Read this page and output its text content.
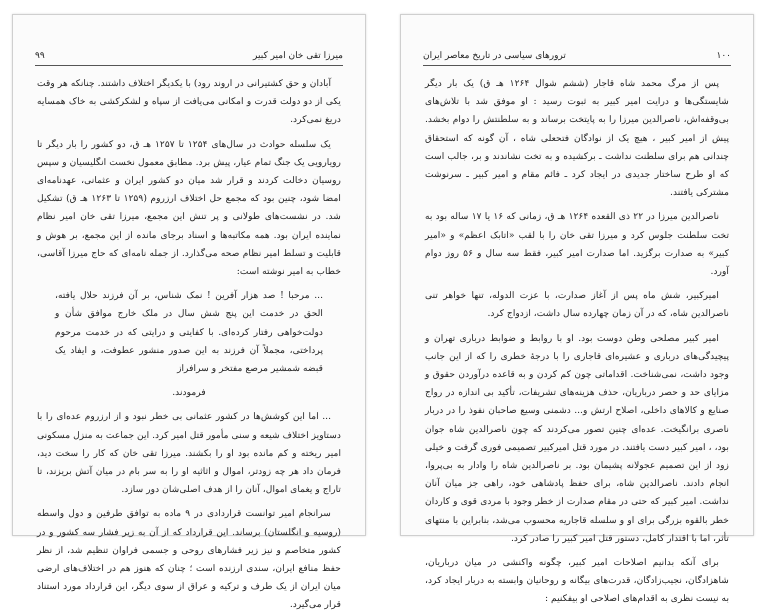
۹۹	میرزا تقی خان امیر کبیر

آبادان و حق کشتیرانی در اروند رود) با یکدیگر اختلاف داشتند. چنانکه هر وقت یکی از دو دولت قدرت و امکانی می‌یافت از سپاه و لشکرکشی به خاک همسایه دریغ نمی‌کرد.

یک سلسله حوادث در سال‌های ۱۲۵۴ تا ۱۲۵۷ هـ ق، دو کشور را بار دیگر تا رویارویی یک جنگ تمام عیار، پیش برد. مطابق معمول نخست انگلیسیان و سپس روسیان دخالت کردند و قرار شد میان دو کشور ایران و عثمانی، عهدنامه‌ای امضا شود، چنین بود که مجمع حل اختلاف ارزروم (۱۲۵۹ تا ۱۲۶۳ هـ ق) تشکیل شد. در نشست‌های طولانی و پر تنش این مجمع، میرزا تقی خان امیر نظام نماینده ایران بود. همه مکاتبه‌ها و اسناد برجای مانده از این مجمع، بر هوش و قابلیت و تسلط امیر نظام صحه می‌گذارد. از جمله نامه‌ای که حاج میرزا آقاسی، خطاب به امیر نوشته است:

... مرحبا ! صد هزار آفرین ! نمک شناس، بر آن فرزند حلال یافته، الحق در خدمت این پنج شش سال در ملک خارج موافق شأن و دولت‌خواهی رفتار کرده‌ای. با کفایتی و درایتی که در خدمت مرحوم پرداختی، مجملاً آن فرزند به این صدور منشور عطوفت، و ایفاد یک قبضه شمشیر مرصع مفتخر و سرافراز

فرمودند.

... اما این کوشش‌ها در کشور عثمانی بی خطر نبود و از ارزروم عده‌ای را با دستاویز اختلاف شیعه و سنی مأمور قتل امیر کرد. این جماعت به منزل مسکونی امیر ریخته و کم مانده بود او را بکشند. میرزا تقی خان که کار را سخت دید، فرمان داد هر چه زودتر، اموال و اثاثیه او را به سر بام در میان آتش بریزند، تا تاراج و یغمای اموال، آنان را از هدف اصلی‌شان دور سازد.

سرانجام امیر توانست قراردادی در ۹ ماده به توافق طرفین و دول واسطه (روسیه و انگلستان) برساند. این قرارداد که از آن به زیر فشار سه کشور و در کشور متخاصم و نیز زیر فشارهای روحی و جسمی فراوان تنظیم شد، از نظر حفظ منافع ایران، سندی ارزنده است ؛ چنان که هنوز هم در اختلاف‌های ارضی میان ایران از یک طرف و ترکیه و عراق از سوی دیگر، این قرارداد مورد استناد قرار می‌گیرد.

۱۰۰
ترورهای سیاسی در تاریخ معاصر ایران

پس از مرگ محمد شاه قاجار (ششم شوال ۱۲۶۴ هـ ق) یک بار دیگر شایستگی‌ها و درایت امیر کبیر به ثبوت رسید : او موفق شد با تلاش‌های بی‌وقفه‌اش، ناصرالدین میرزا را به پایتخت برساند و به سلطنتش را دوام بخشد. پیش از امیر کبیر ، هیچ یک از نوادگان فتحعلی شاه ، آن گونه که استحقاق چندانی هم برای سلطنت نداشت ـ برکشیده و به تخت نشاندند و بر، جالب است که او طرح ساختار جدیدی در ایجاد کرد ـ فائم مقام و امیر کبیر ـ سرنوشت مشترکی یافتند.

ناصرالدین میرزا در ۲۲ ذی القعده ۱۲۶۴ هـ ق، زمانی که ۱۶ یا ۱۷ ساله بود به تخت سلطنت جلوس کرد و میرزا تقی خان را با لقب «اتابک اعظم» و «امیر کبیر» به صدارت برگزید. اما صدارت امیر کبیر، فقط سه سال و ۵۶ روز دوام آورد.

امیرکبیر، شش ماه پس از آغاز صدارت، با عزت الدوله، تنها خواهر تنی ناصرالدین شاه، که در آن زمان چهارده سال داشت، ازدواج کرد.

امیر کبیر مصلحی وطن دوست بود. او با روابط و ضوابط درباری تهران و پیچیدگی‌های درباری و عشیره‌ای قاجاری را با درجهٔ خطری را که از این جانب وجود داشت، نمی‌شناخت. اقداماتی چون کم کردن و به قاعده درآوردن حقوق و مزایای حد و حصر درباریان، حذف هزینه‌های تشریفات، تأکید بی اندازه در رواج صنایع و کالاهای داخلی، اصلاح ارتش و... دشمنی وسیع صاحبان نفوذ را در دربار ناصری برانگیخت. عده‌ای چنین تصور می‌کردند که چون ناصرالدین شاه جوان بود، ، امیر کبیر دست یافتند. در مورد قتل امیرکبیر تصمیمی فوری گرفت و خیلی زود از این تصمیم عجولانه پشیمان بود. بر ناصرالدین شاه را وادار به بی‌پروا، انجام دادند. ناصرالدین شاه، برای حفظ پادشاهی خود، راهی جز میان آنان نداشت. امیر کبیر که حتی در مقام صدارت از خطر وجود با مردی قوی و کاردان خطر بالقوه بزرگی برای او و سلسله قاجاریه محسوب می‌شد، بنابراین با منتهای تأثر، اما با اقتدار کامل، دستور قتل امیر کبیر را صادر کرد.

برای آنکه بدانیم اصلاحات امیر کبیر، چگونه واکنشی در میان درباریان، شاهزادگان، نجیب‌زادگان، قدرت‌های بیگانه و روحانیان وابسته به دربار ایجاد کرد، به نیست نظری به اقدام‌های اصلاحی او بیفکنیم :
